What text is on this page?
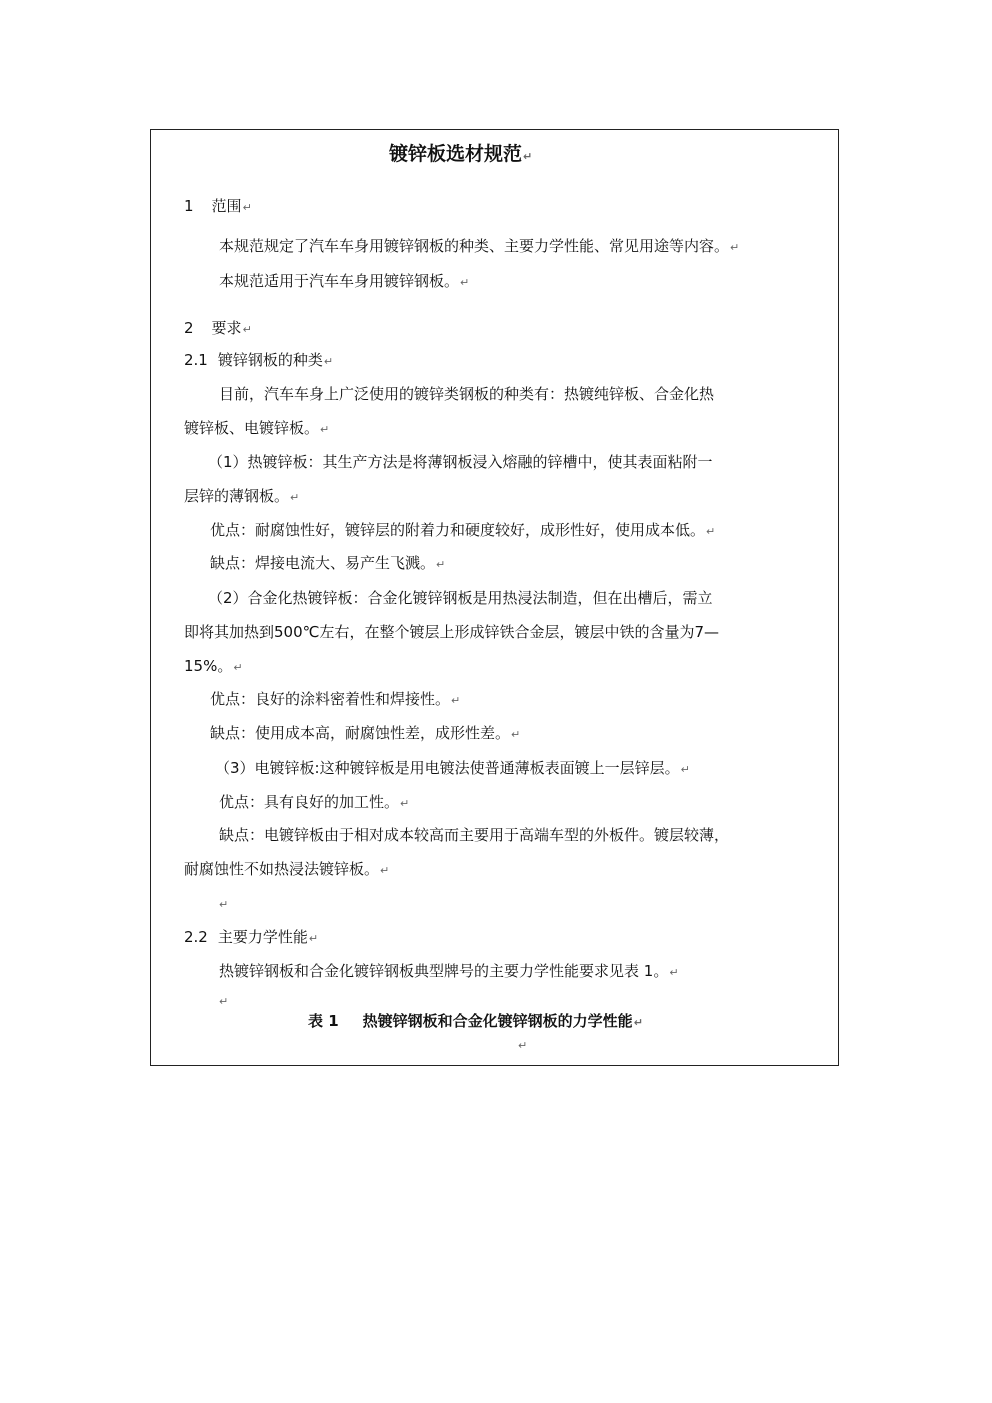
镀锌板选材规范↵
1 范围↵
本规范规定了汽车车身用镀锌钢板的种类、主要力学性能、常见用途等内容。↵
本规范适用于汽车车身用镀锌钢板。↵
2 要求↵
2.1 镀锌钢板的种类↵
目前，汽车车身上广泛使用的镀锌类钢板的种类有：热镀纯锌板、合金化热
镀锌板、电镀锌板。↵
（1）热镀锌板：其生产方法是将薄钢板浸入熔融的锌槽中，使其表面粘附一
层锌的薄钢板。↵
优点：耐腐蚀性好，镀锌层的附着力和硬度较好，成形性好，使用成本低。↵
缺点：焊接电流大、易产生飞溅。↵
（2）合金化热镀锌板：合金化镀锌钢板是用热浸法制造，但在出槽后，需立
即将其加热到500℃左右，在整个镀层上形成锌铁合金层，镀层中铁的含量为7—
15%。↵
优点：良好的涂料密着性和焊接性。↵
缺点：使用成本高，耐腐蚀性差，成形性差。↵
（3）电镀锌板:这种镀锌板是用电镀法使普通薄板表面镀上一层锌层。↵
优点：具有良好的加工性。↵
缺点：电镀锌板由于相对成本较高而主要用于高端车型的外板件。镀层较薄，
耐腐蚀性不如热浸法镀锌板。↵
↵
2.2 主要力学性能↵
热镀锌钢板和合金化镀锌钢板典型牌号的主要力学性能要求见表 1。↵
↵
表 1 热镀锌钢板和合金化镀锌钢板的力学性能↵
↵
